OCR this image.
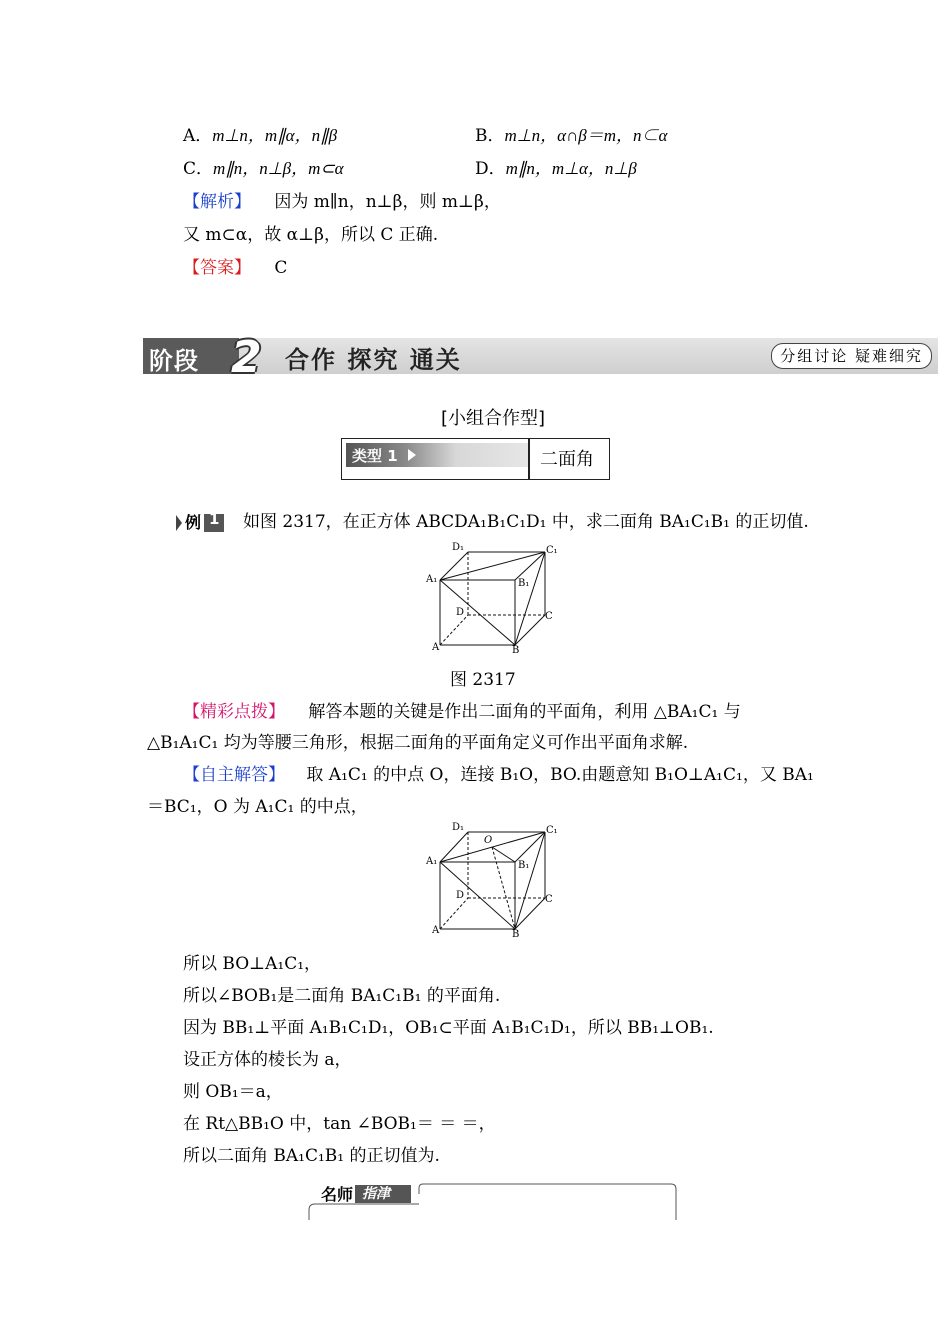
A．m⊥n，m∥α，n∥β	B．m⊥n，α∩β＝m，n⊂α
C．m∥n，n⊥β，m⊂α	D．m∥n，m⊥α，n⊥β
【解析】 因为 m∥n，n⊥β，则 m⊥β，
又 m⊂α，故 α⊥β，所以 C 正确.
【答案】 C
阶段 2 合作 探究 通关	分组讨论 疑难细究
[小组合作型]
类型 1	二面角
例 1 如图 2317，在正方体 ABCDA₁B₁C₁D₁ 中，求二面角 BA₁C₁B₁ 的正切值.
D₁	C₁
A₁	B₁
D	C
A	B
图 2317
【精彩点拨】 解答本题的关键是作出二面角的平面角，利用 △BA₁C₁ 与
△B₁A₁C₁ 均为等腰三角形，根据二面角的平面角定义可作出平面角求解.
【自主解答】 取 A₁C₁ 的中点 O，连接 B₁O，BO.由题意知 B₁O⊥A₁C₁，又 BA₁
＝BC₁，O 为 A₁C₁ 的中点，
D₁	C₁
O
A₁	B₁
D	C
A	B
所以 BO⊥A₁C₁，
所以∠BOB₁是二面角 BA₁C₁B₁ 的平面角.
因为 BB₁⊥平面 A₁B₁C₁D₁，OB₁⊂平面 A₁B₁C₁D₁，所以 BB₁⊥OB₁.
设正方体的棱长为 a，
则 OB₁＝a，
在 Rt△BB₁O 中，tan ∠BOB₁＝ ＝ ＝，
所以二面角 BA₁C₁B₁ 的正切值为.
名师 指津
